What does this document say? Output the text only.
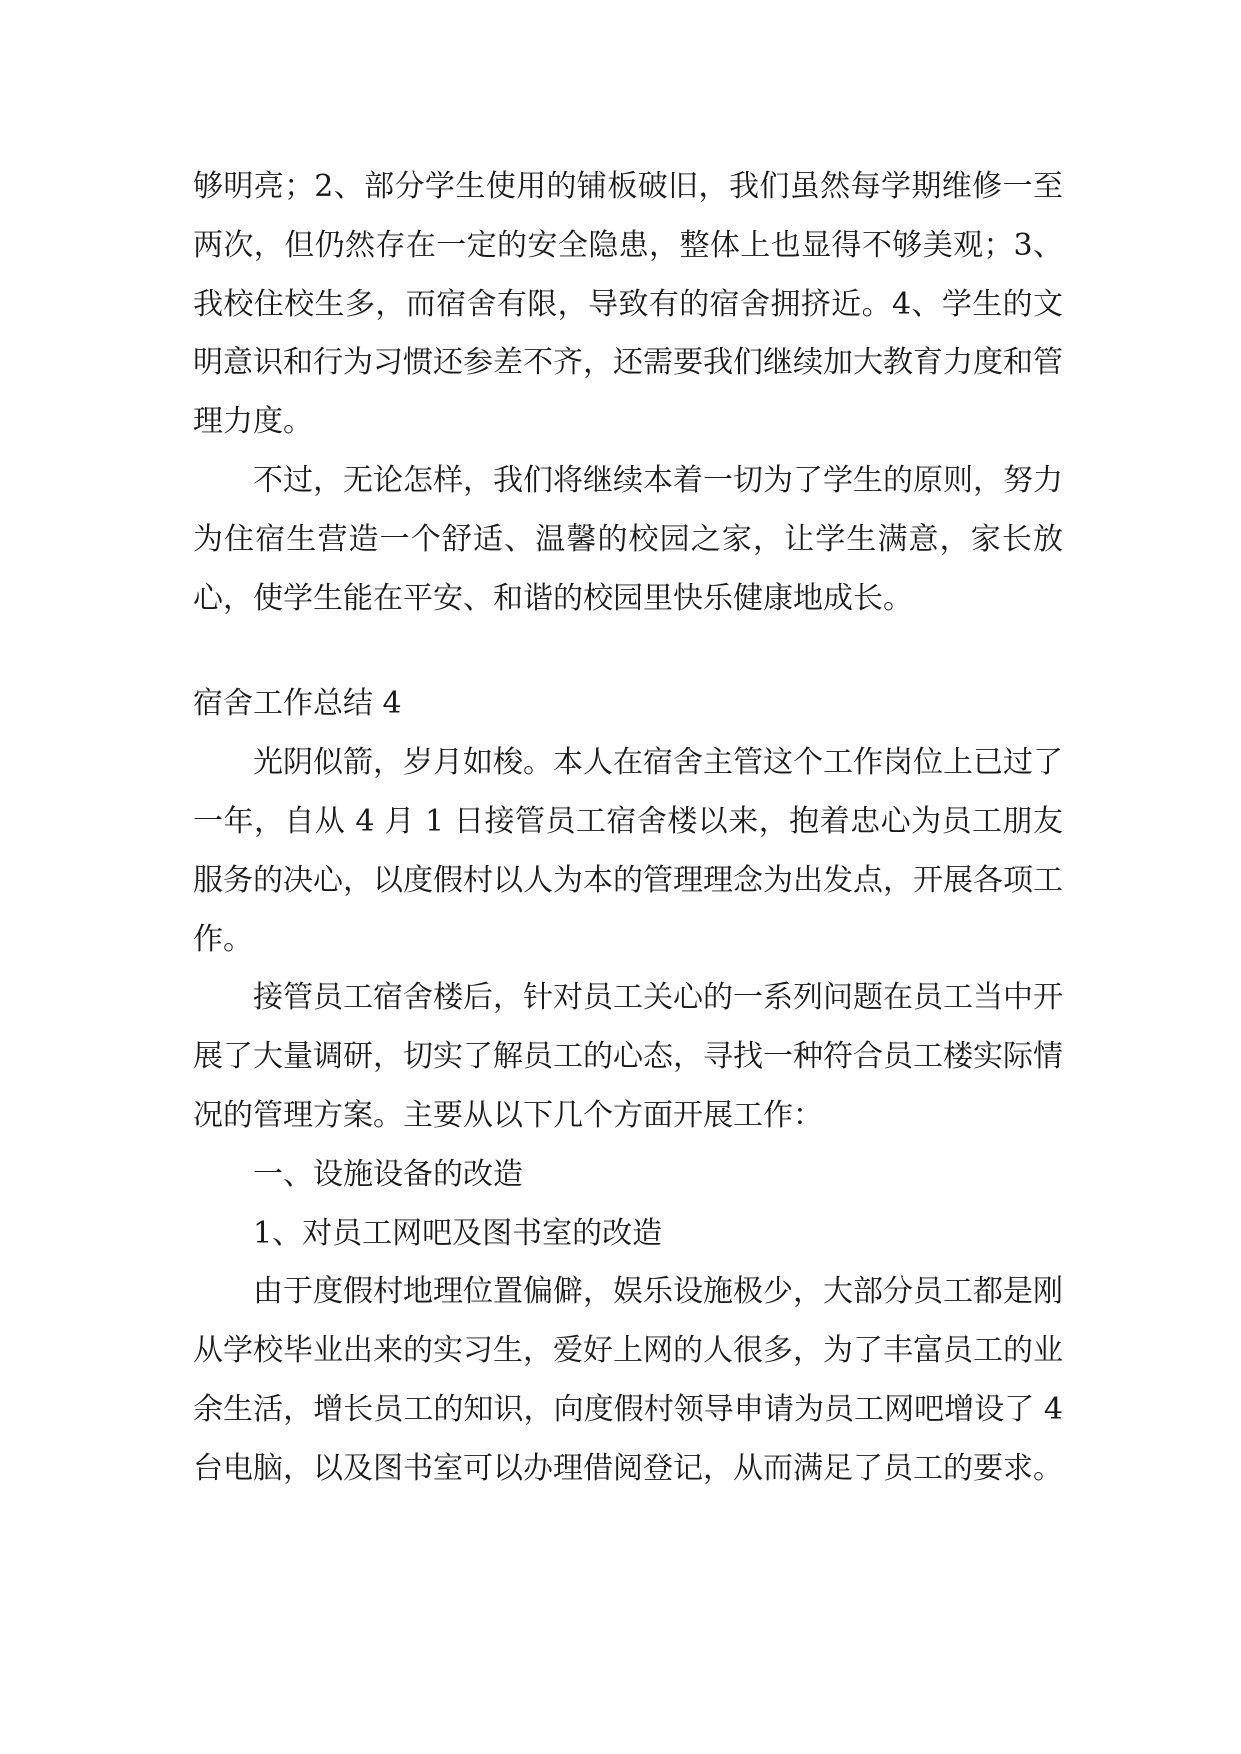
够明亮；2、部分学生使用的铺板破旧，我们虽然每学期维修一至两次，但仍然存在一定的安全隐患，整体上也显得不够美观；3、我校住校生多，而宿舍有限，导致有的宿舍拥挤近。4、学生的文明意识和行为习惯还参差不齐，还需要我们继续加大教育力度和管理力度。

不过，无论怎样，我们将继续本着一切为了学生的原则，努力为住宿生营造一个舒适、温馨的校园之家，让学生满意，家长放心，使学生能在平安、和谐的校园里快乐健康地成长。

宿舍工作总结 4

光阴似箭，岁月如梭。本人在宿舍主管这个工作岗位上已过了一年，自从 4 月 1 日接管员工宿舍楼以来，抱着忠心为员工朋友服务的决心，以度假村以人为本的管理理念为出发点，开展各项工作。

接管员工宿舍楼后，针对员工关心的一系列问题在员工当中开展了大量调研，切实了解员工的心态，寻找一种符合员工楼实际情况的管理方案。主要从以下几个方面开展工作：

一、设施设备的改造

1、对员工网吧及图书室的改造

由于度假村地理位置偏僻，娱乐设施极少，大部分员工都是刚从学校毕业出来的实习生，爱好上网的人很多，为了丰富员工的业余生活，增长员工的知识，向度假村领导申请为员工网吧增设了 4 台电脑，以及图书室可以办理借阅登记，从而满足了员工的要求。
